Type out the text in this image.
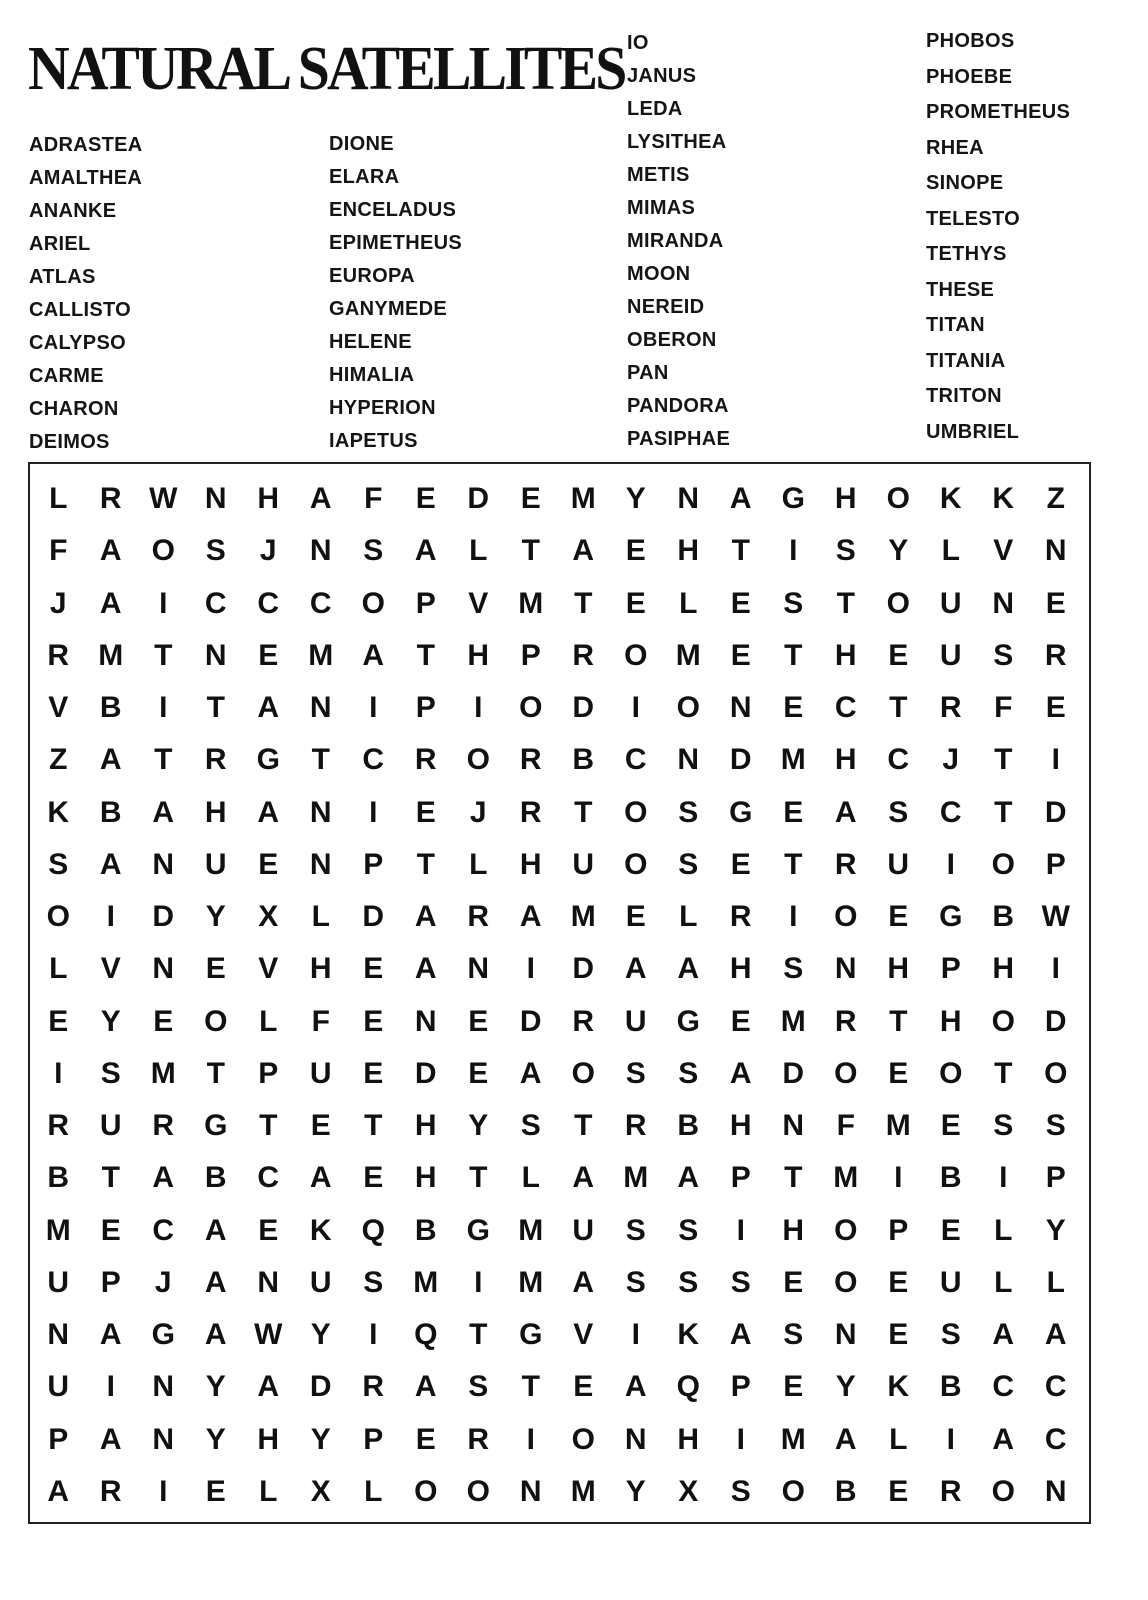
NATURAL SATELLITES
ADRASTEA
AMALTHEA
ANANKE
ARIEL
ATLAS
CALLISTO
CALYPSO
CARME
CHARON
DEIMOS
DIONE
ELARA
ENCELADUS
EPIMETHEUS
EUROPA
GANYMEDE
HELENE
HIMALIA
HYPERION
IAPETUS
IO
JANUS
LEDA
LYSITHEA
METIS
MIMAS
MIRANDA
MOON
NEREID
OBERON
PAN
PANDORA
PASIPHAE
PHOBOS
PHOEBE
PROMETHEUS
RHEA
SINOPE
TELESTO
TETHYS
THESE
TITAN
TITANIA
TRITON
UMBRIEL
L	R W N	H	A	F	E	D	E	M Y	N	A	G H	O K	K	Z
F	A	O	S	J	N	S	A	L	T	A	E	H	T	I	S	Y	L	V	N
J	A	I	C	C	C	O	P	V	M	T	E	L	E	S	T	O U	N	E
R M	T	N	E	M A	T	H	P	R	O M E	T	H	E	U	S	R
V	B	I	T	A	N	I	P	I	O D	I	O N	E	C	T	R	F	E
Z	A	T	R	G	T	C	R	O R	B	C	N	D M H	C	J	T	I
K	B	A	H	A	N	I	E	J	R	T	O	S	G	E	A	S	C	T	D
S	A	N	U	E	N	P	T	L	H	U	O	S	E	T	R	U	I	O	P
O	I	D	Y	X	L	D	A	R	A M E	L	R	I	O	E	G B W
L	V	N	E	V	H	E	A	N	I	D	A	A	H	S	N	H	P	H	I
E	Y	E	O	L	F	E	N	E	D	R	U	G	E	M R	T	H	O D
I	S	M	T	P	U	E	D	E	A	O	S	S	A	D	O	E	O	T	O
R	U	R	G	T	E	T	H	Y	S	T	R	B	H	N	F	M E	S	S
B	T	A	B	C	A	E	H	T	L	A M A	P	T	M	I	B	I	P
M E	C	A	E	K	Q B	G M U	S	S	I	H	O	P	E	L	Y
U	P	J	A	N	U	S	M	I	M A	S	S	S	E	O	E	U	L	L
N	A	G A W Y	I	Q	T	G	V	I	K	A	S	N	E	S	A	A
U	I	N	Y	A	D	R	A	S	T	E	A	Q	P	E	Y	K	B	C	C
P	A	N	Y	H	Y	P	E	R	I	O N	H	I	M A	L	I	A	C
A	R	I	E	L	X	L	O O N M Y	X	S	O B	E	R	O N
